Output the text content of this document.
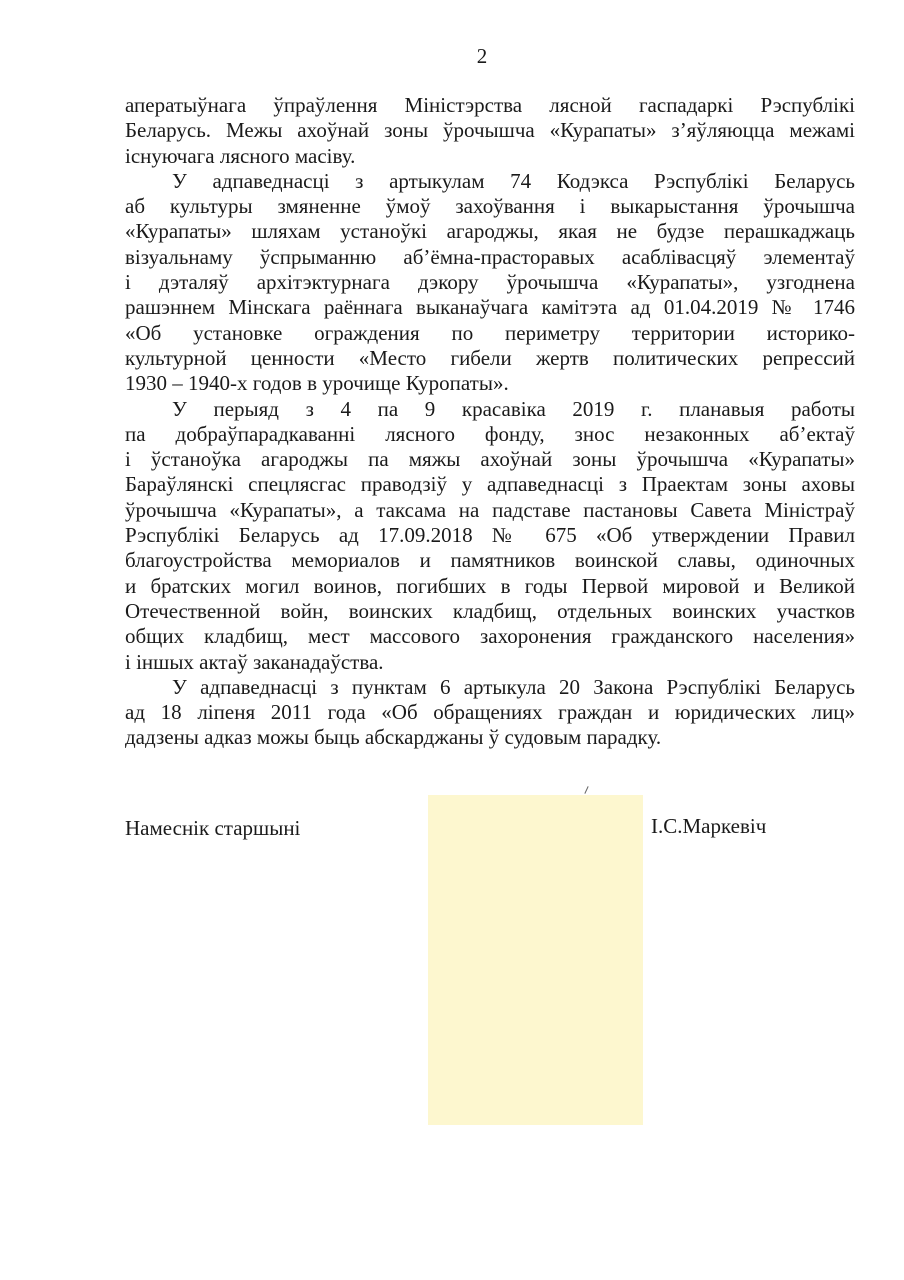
2
аператыўнага ўпраўлення Міністэрства лясной гаспадаркі Рэспублікі
Беларусь. Межы ахоўнай зоны ўрочышча «Курапаты» з’яўляюцца межамі
існуючага лясного масіву.
У адпаведнасці з артыкулам 74 Кодэкса Рэспублікі Беларусь
аб культуры змяненне ўмоў захоўвання і выкарыстання ўрочышча
«Курапаты» шляхам устаноўкі агароджы, якая не будзе перашкаджаць
візуальнаму ўспрыманню аб’ёмна-прасторавых асаблівасцяў элементаў
і дэталяў архітэктурнага дэкору ўрочышча «Курапаты», узгоднена
рашэннем Мінскага раённага выканаўчага камітэта ад 01.04.2019 № 1746
«Об установке ограждения по периметру территории историко-
культурной ценности «Место гибели жертв политических репрессий
1930 – 1940-х годов в урочище Куропаты».
У перыяд з 4 па 9 красавіка 2019 г. планавыя работы
па добраўпарадкаванні лясного фонду, знос незаконных аб’ектаў
і ўстаноўка агароджы па мяжы ахоўнай зоны ўрочышча «Курапаты»
Бараўлянскі спецлясгас праводзіў у адпаведнасці з Праектам зоны аховы
ўрочышча «Курапаты», а таксама на падставе пастановы Савета Міністраў
Рэспублікі Беларусь ад 17.09.2018 № 675 «Об утверждении Правил
благоустройства мемориалов и памятников воинской славы, одиночных
и братских могил воинов, погибших в годы Первой мировой и Великой
Отечественной войн, воинских кладбищ, отдельных воинских участков
общих кладбищ, мест массового захоронения гражданского населения»
і іншых актаў заканадаўства.
У адпаведнасці з пунктам 6 артыкула 20 Закона Рэспублікі Беларусь
ад 18 ліпеня 2011 года «Об обращениях граждан и юридических лиц»
дадзены адказ можы быць абскарджаны ў судовым парадку.
Намеснік старшыні	І.С.Маркевіч
